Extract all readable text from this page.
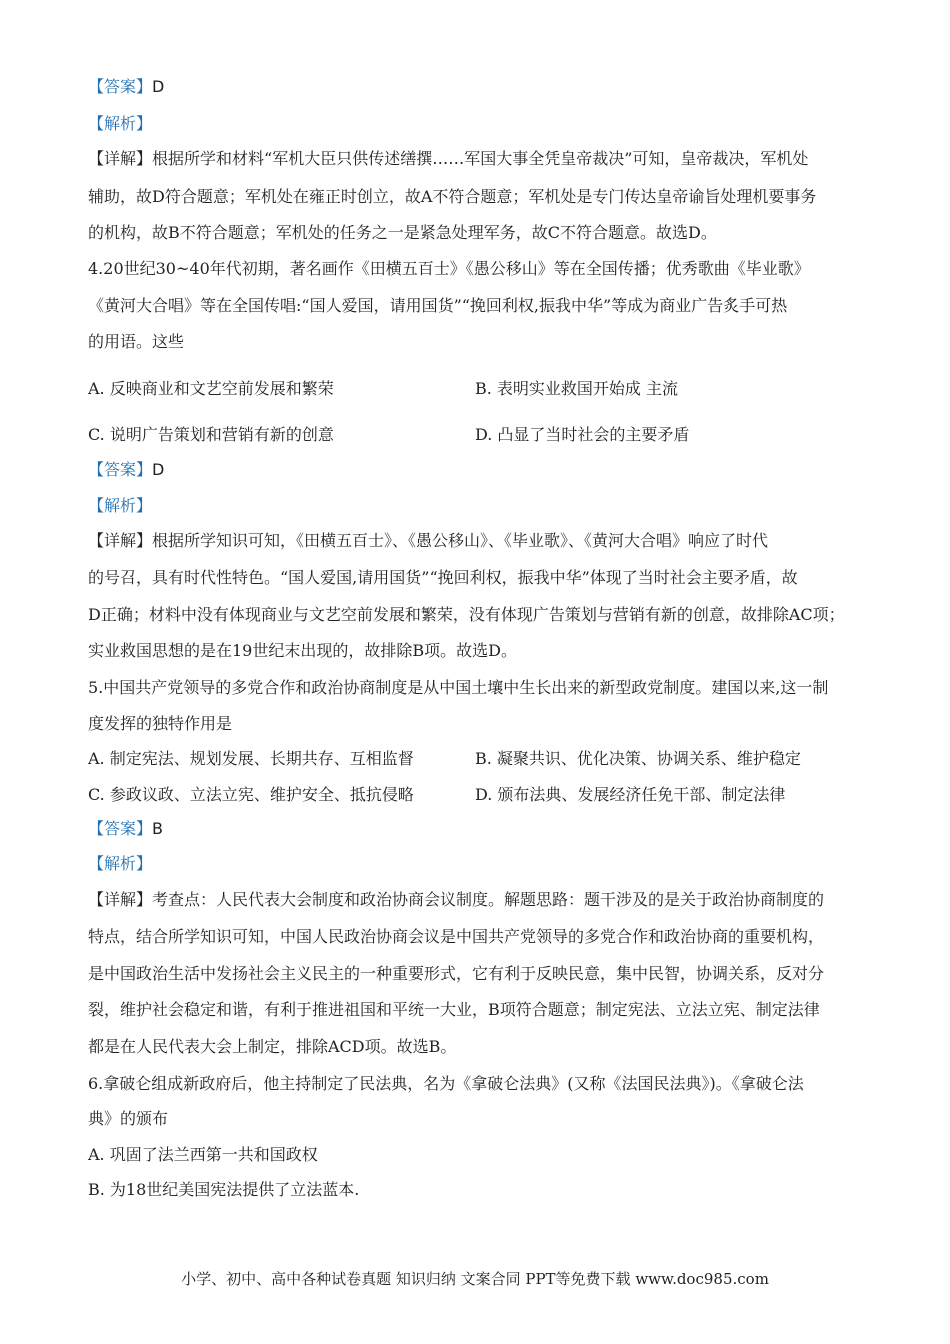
【答案】D
【解析】
【详解】根据所学和材料“军机大臣只供传述缮撰……军国大事全凭皇帝裁决”可知，皇帝裁决，军机处
辅助，故D符合题意；军机处在雍正时创立，故A不符合题意；军机处是专门传达皇帝谕旨处理机要事务
的机构，故B不符合题意；军机处的任务之一是紧急处理军务，故C不符合题意。故选D。
4.20世纪30~40年代初期，著名画作《田横五百士》《愚公移山》等在全国传播；优秀歌曲《毕业歌》
《黄河大合唱》等在全国传唱:“国人爱国，请用国货”“挽回利权,振我中华”等成为商业广告炙手可热
的用语。这些
A. 反映商业和文艺空前发展和繁荣	B. 表明实业救国开始成 主流
C. 说明广告策划和营销有新的创意	D. 凸显了当时社会的主要矛盾
【答案】D
【解析】
【详解】根据所学知识可知，《田横五百士》、《愚公移山》、《毕业歌》、《黄河大合唱》响应了时代
的号召，具有时代性特色。“国人爱国,请用国货”“挽回利权，振我中华”体现了当时社会主要矛盾，故
D正确；材料中没有体现商业与文艺空前发展和繁荣，没有体现广告策划与营销有新的创意，故排除AC项；
实业救国思想的是在19世纪末出现的，故排除B项。故选D。
5.中国共产党领导的多党合作和政治协商制度是从中国土壤中生长出来的新型政党制度。建国以来,这一制
度发挥的独特作用是
A. 制定宪法、规划发展、长期共存、互相监督	B. 凝聚共识、优化决策、协调关系、维护稳定
C. 参政议政、立法立宪、维护安全、抵抗侵略	D. 颁布法典、发展经济任免干部、制定法律
【答案】B
【解析】
【详解】考查点：人民代表大会制度和政治协商会议制度。解题思路：题干涉及的是关于政治协商制度的
特点，结合所学知识可知，中国人民政治协商会议是中国共产党领导的多党合作和政治协商的重要机构，
是中国政治生活中发扬社会主义民主的一种重要形式，它有利于反映民意，集中民智，协调关系，反对分
裂，维护社会稳定和谐，有利于推进祖国和平统一大业，B项符合题意；制定宪法、立法立宪、制定法律
都是在人民代表大会上制定，排除ACD项。故选B。
6.拿破仑组成新政府后，他主持制定了民法典，名为《拿破仑法典》(又称《法国民法典》)。《拿破仑法
典》的颁布
A. 巩固了法兰西第一共和国政权
B. 为18世纪美国宪法提供了立法蓝本.
小学、初中、高中各种试卷真题 知识归纳 文案合同 PPT等免费下载 www.doc985.com
